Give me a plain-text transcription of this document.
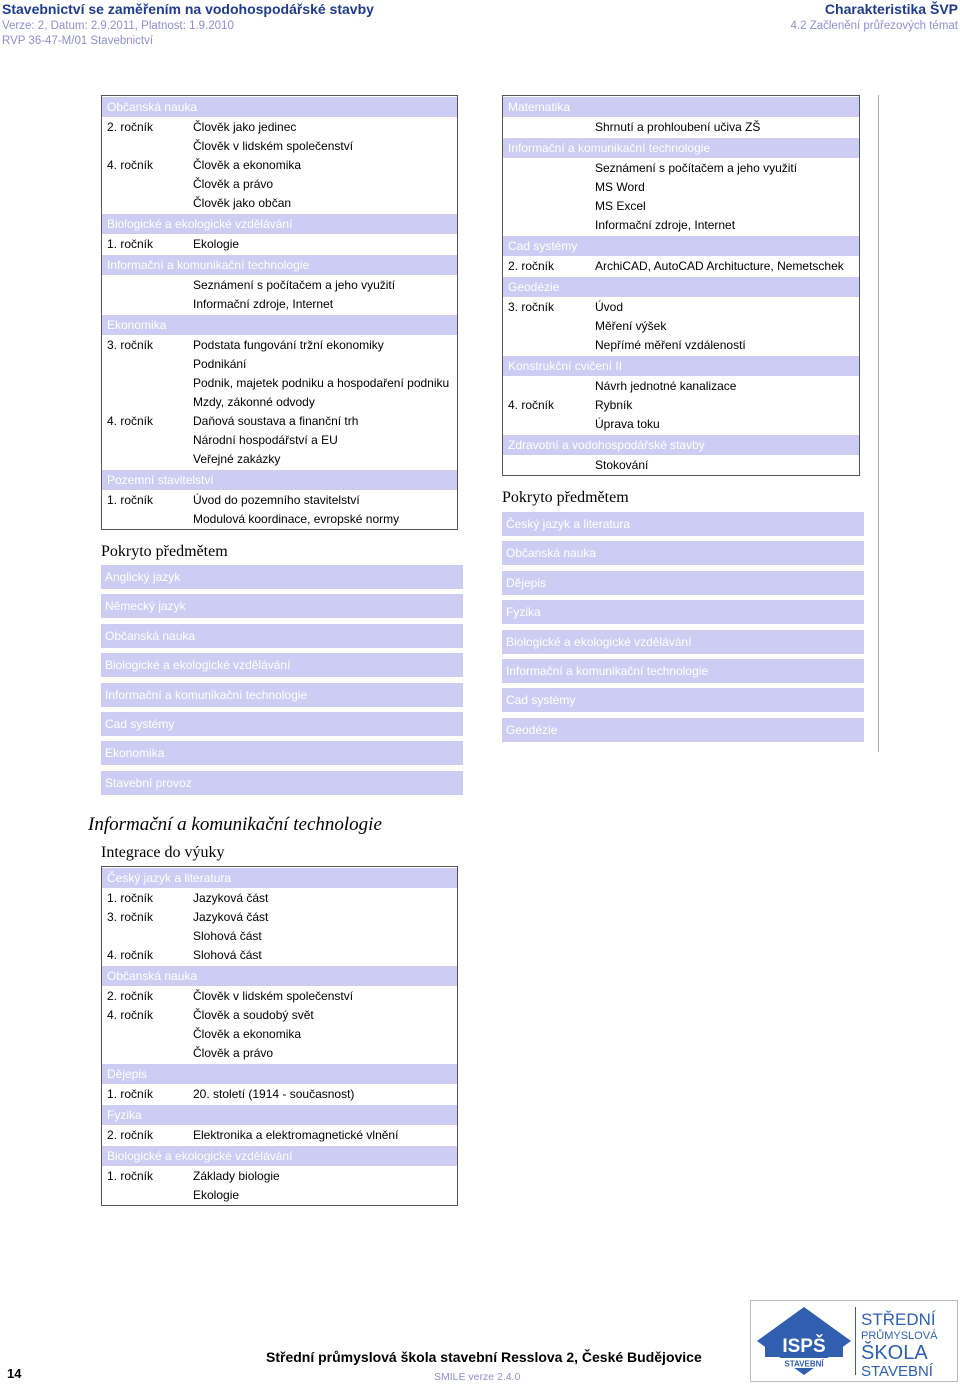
Stavebnictví se zaměřením na vodohospodářské stavby
Verze: 2, Datum: 2.9.2011, Platnost: 1.9.2010
RVP 36-47-M/01 Stavebnictví
Charakteristika ŠVP
4.2 Začlenění průřezových témat
Občanská nauka
2. ročník	Člověk jako jedinec
Člověk v lidském společenství
4. ročník	Člověk a ekonomika
Člověk a právo
Člověk jako občan
Biologické a ekologické vzdělávání
1. ročník	Ekologie
Informační a komunikační technologie
Seznámení s počítačem a jeho využití
Informační zdroje, Internet
Ekonomika
3. ročník	Podstata fungování tržní ekonomiky
Podnikání
Podnik, majetek podniku a hospodaření podniku
Mzdy, zákonné odvody
4. ročník	Daňová soustava a finanční trh
Národní hospodářství a EU
Veřejné zakázky
Pozemní stavitelství
1. ročník	Úvod do pozemního stavitelství
Modulová koordinace, evropské normy
Pokryto předmětem
Anglický jazyk
Německý jazyk
Občanská nauka
Biologické a ekologické vzdělávání
Informační a komunikační technologie
Cad systémy
Ekonomika
Stavební provoz
Matematika
Shrnutí a prohloubení učiva ZŠ
Informační a komunikační technologie
Seznámení s počítačem a jeho využití
MS Word
MS Excel
Informační zdroje, Internet
Cad systémy
2. ročník	ArchiCAD, AutoCAD Architucture, Nemetschek
Geodézie
3. ročník	Úvod
Měření výšek
Nepřímé měření vzdáleností
Konstrukční cvičení II
Návrh jednotné kanalizace
4. ročník	Rybník
Úprava toku
Zdravotní a vodohospodářské stavby
Stokování
Pokryto předmětem
Český jazyk a literatura
Občanská nauka
Dějepis
Fyzika
Biologické a ekologické vzdělávání
Informační a komunikační technologie
Cad systémy
Geodézie
Informační a komunikační technologie
Integrace do výuky
Český jazyk a literatura
1. ročník	Jazyková část
3. ročník	Jazyková část
Slohová část
4. ročník	Slohová část
Občanská nauka
2. ročník	Člověk v lidském společenství
4. ročník	Člověk a soudobý svět
Člověk a ekonomika
Člověk a právo
Dějepis
1. ročník	20. století (1914 - současnost)
Fyzika
2. ročník	Elektronika a elektromagnetické vlnění
Biologické a ekologické vzdělávání
1. ročník	Základy biologie
Ekologie
14
Střední průmyslová škola stavební Resslova 2, České Budějovice
SMILE verze 2.4.0
ISPŠ
STAVEBNÍ
STŘEDNÍ
PRŮMYSLOVÁ
ŠKOLA
STAVEBNÍ
